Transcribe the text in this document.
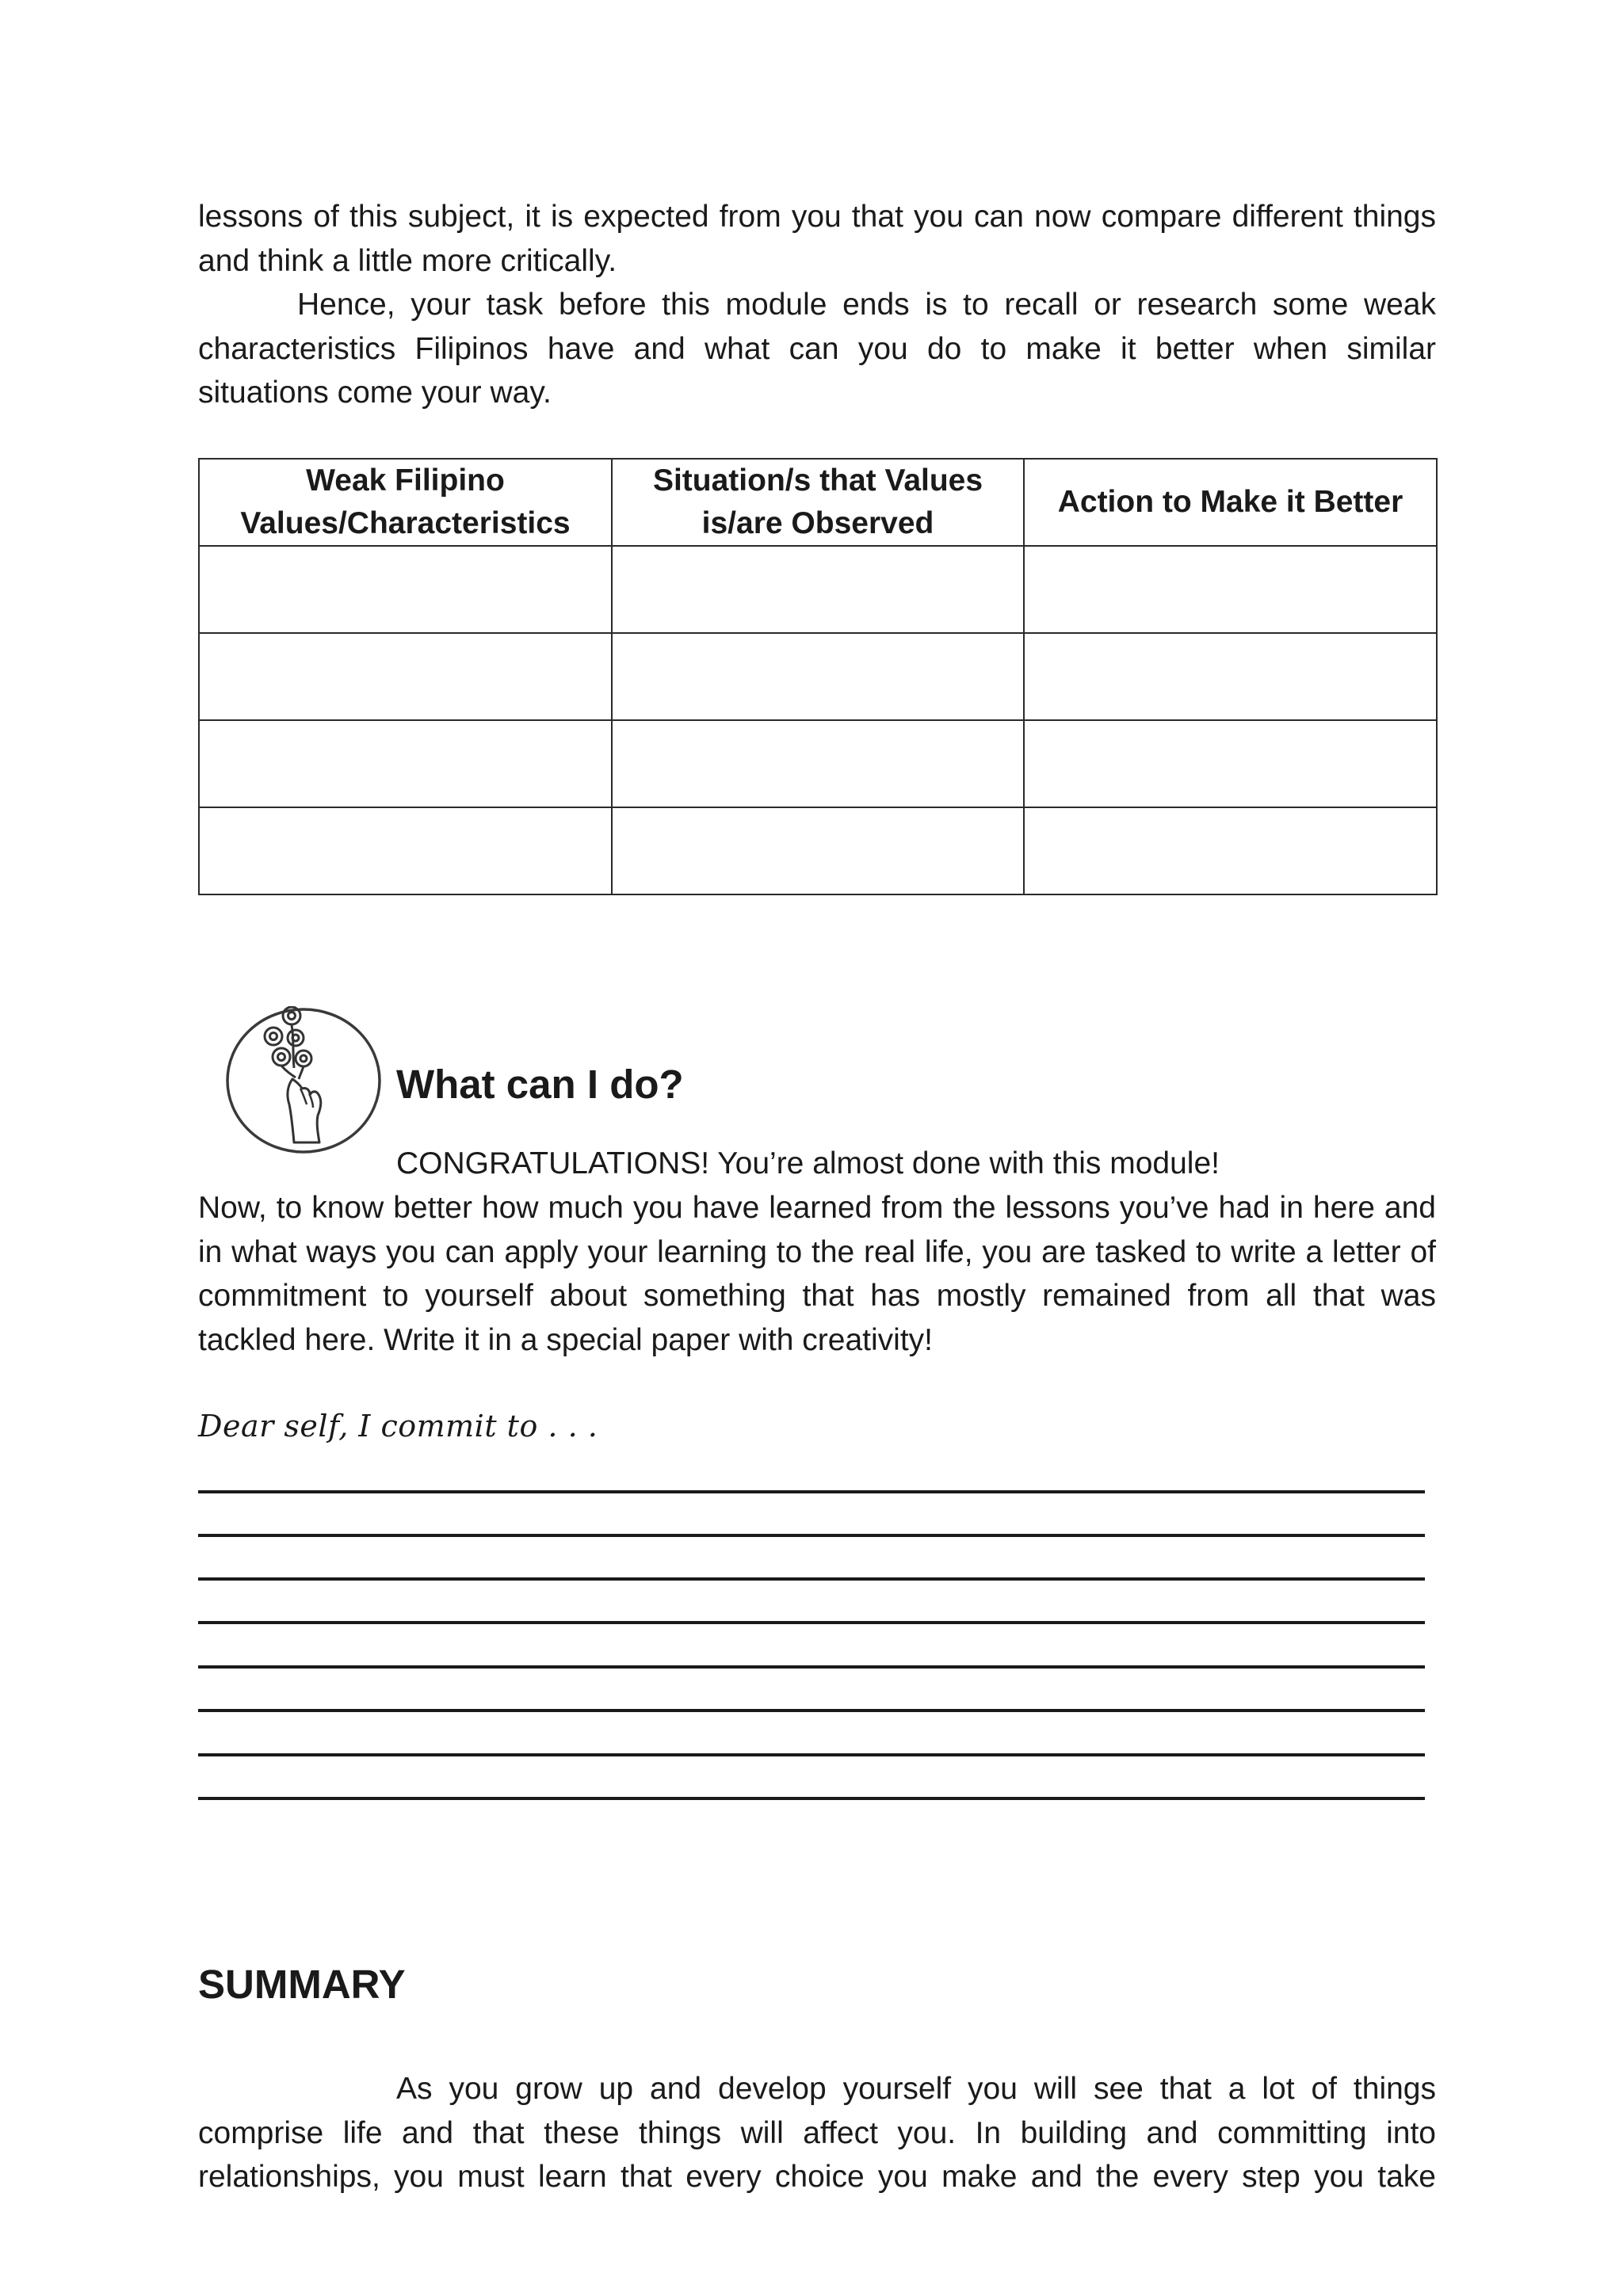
lessons of this subject, it is expected from you that you can now compare different things and think a little more critically.

Hence, your task before this module ends is to recall or research some weak characteristics Filipinos have and what can you do to make it better when similar situations come your way.

Weak Filipino Values/Characteristics	Situation/s that Values is/are Observed	Action to Make it Better

What can I do?

CONGRATULATIONS! You’re almost done with this module!

Now, to know better how much you have learned from the lessons you’ve had in here and in what ways you can apply your learning to the real life, you are tasked to write a letter of commitment to yourself about something that has mostly remained from all that was tackled here. Write it in a special paper with creativity!

Dear self, I commit to . . .

SUMMARY

As you grow up and develop yourself you will see that a lot of things comprise life and that these things will affect you. In building and committing into relationships, you must learn that every choice you make and the every step you take
